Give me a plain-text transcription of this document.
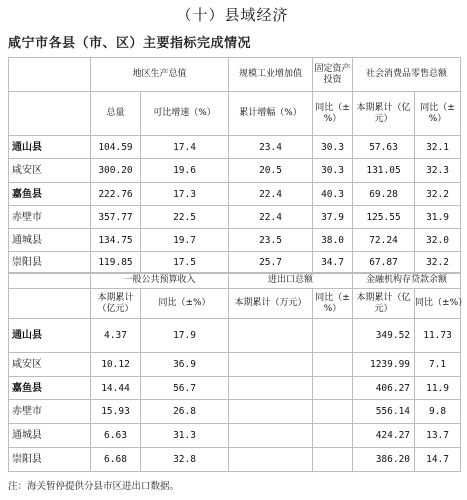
（十）县域经济
咸宁市各县（市、区）主要指标完成情况
	地区生产总值		规模工业增加值	固定资产投资	社会消费品零售总额	
	总量	可比增速（%）	累计增幅（%）	同比（±%）	本期累计（亿元）	同比（±%）
通山县	104.59	17.4	23.4	30.3	57.63	32.1
咸安区	300.20	19.6	20.5	30.3	131.05	32.3
嘉鱼县	222.76	17.3	22.4	40.3	69.28	32.2
赤壁市	357.77	22.5	22.4	37.9	125.55	31.9
通城县	134.75	19.7	23.5	38.0	72.24	32.0
崇阳县	119.85	17.5	25.7	34.7	67.87	32.2
	一般公共预算收入		进出口总额		金融机构存贷款余额	
	本期累计（亿元）	同比（±%）	本期累计（万元）	同比（±%）	本期累计（亿元）	同比（±%）
通山县	4.37	17.9			349.52	11.73
咸安区	10.12	36.9			1239.99	7.1
嘉鱼县	14.44	56.7			406.27	11.9
赤壁市	15.93	26.8			556.14	9.8
通城县	6.63	31.3			424.27	13.7
崇阳县	6.68	32.8			386.20	14.7
注：海关暂停提供分县市区进出口数据。
